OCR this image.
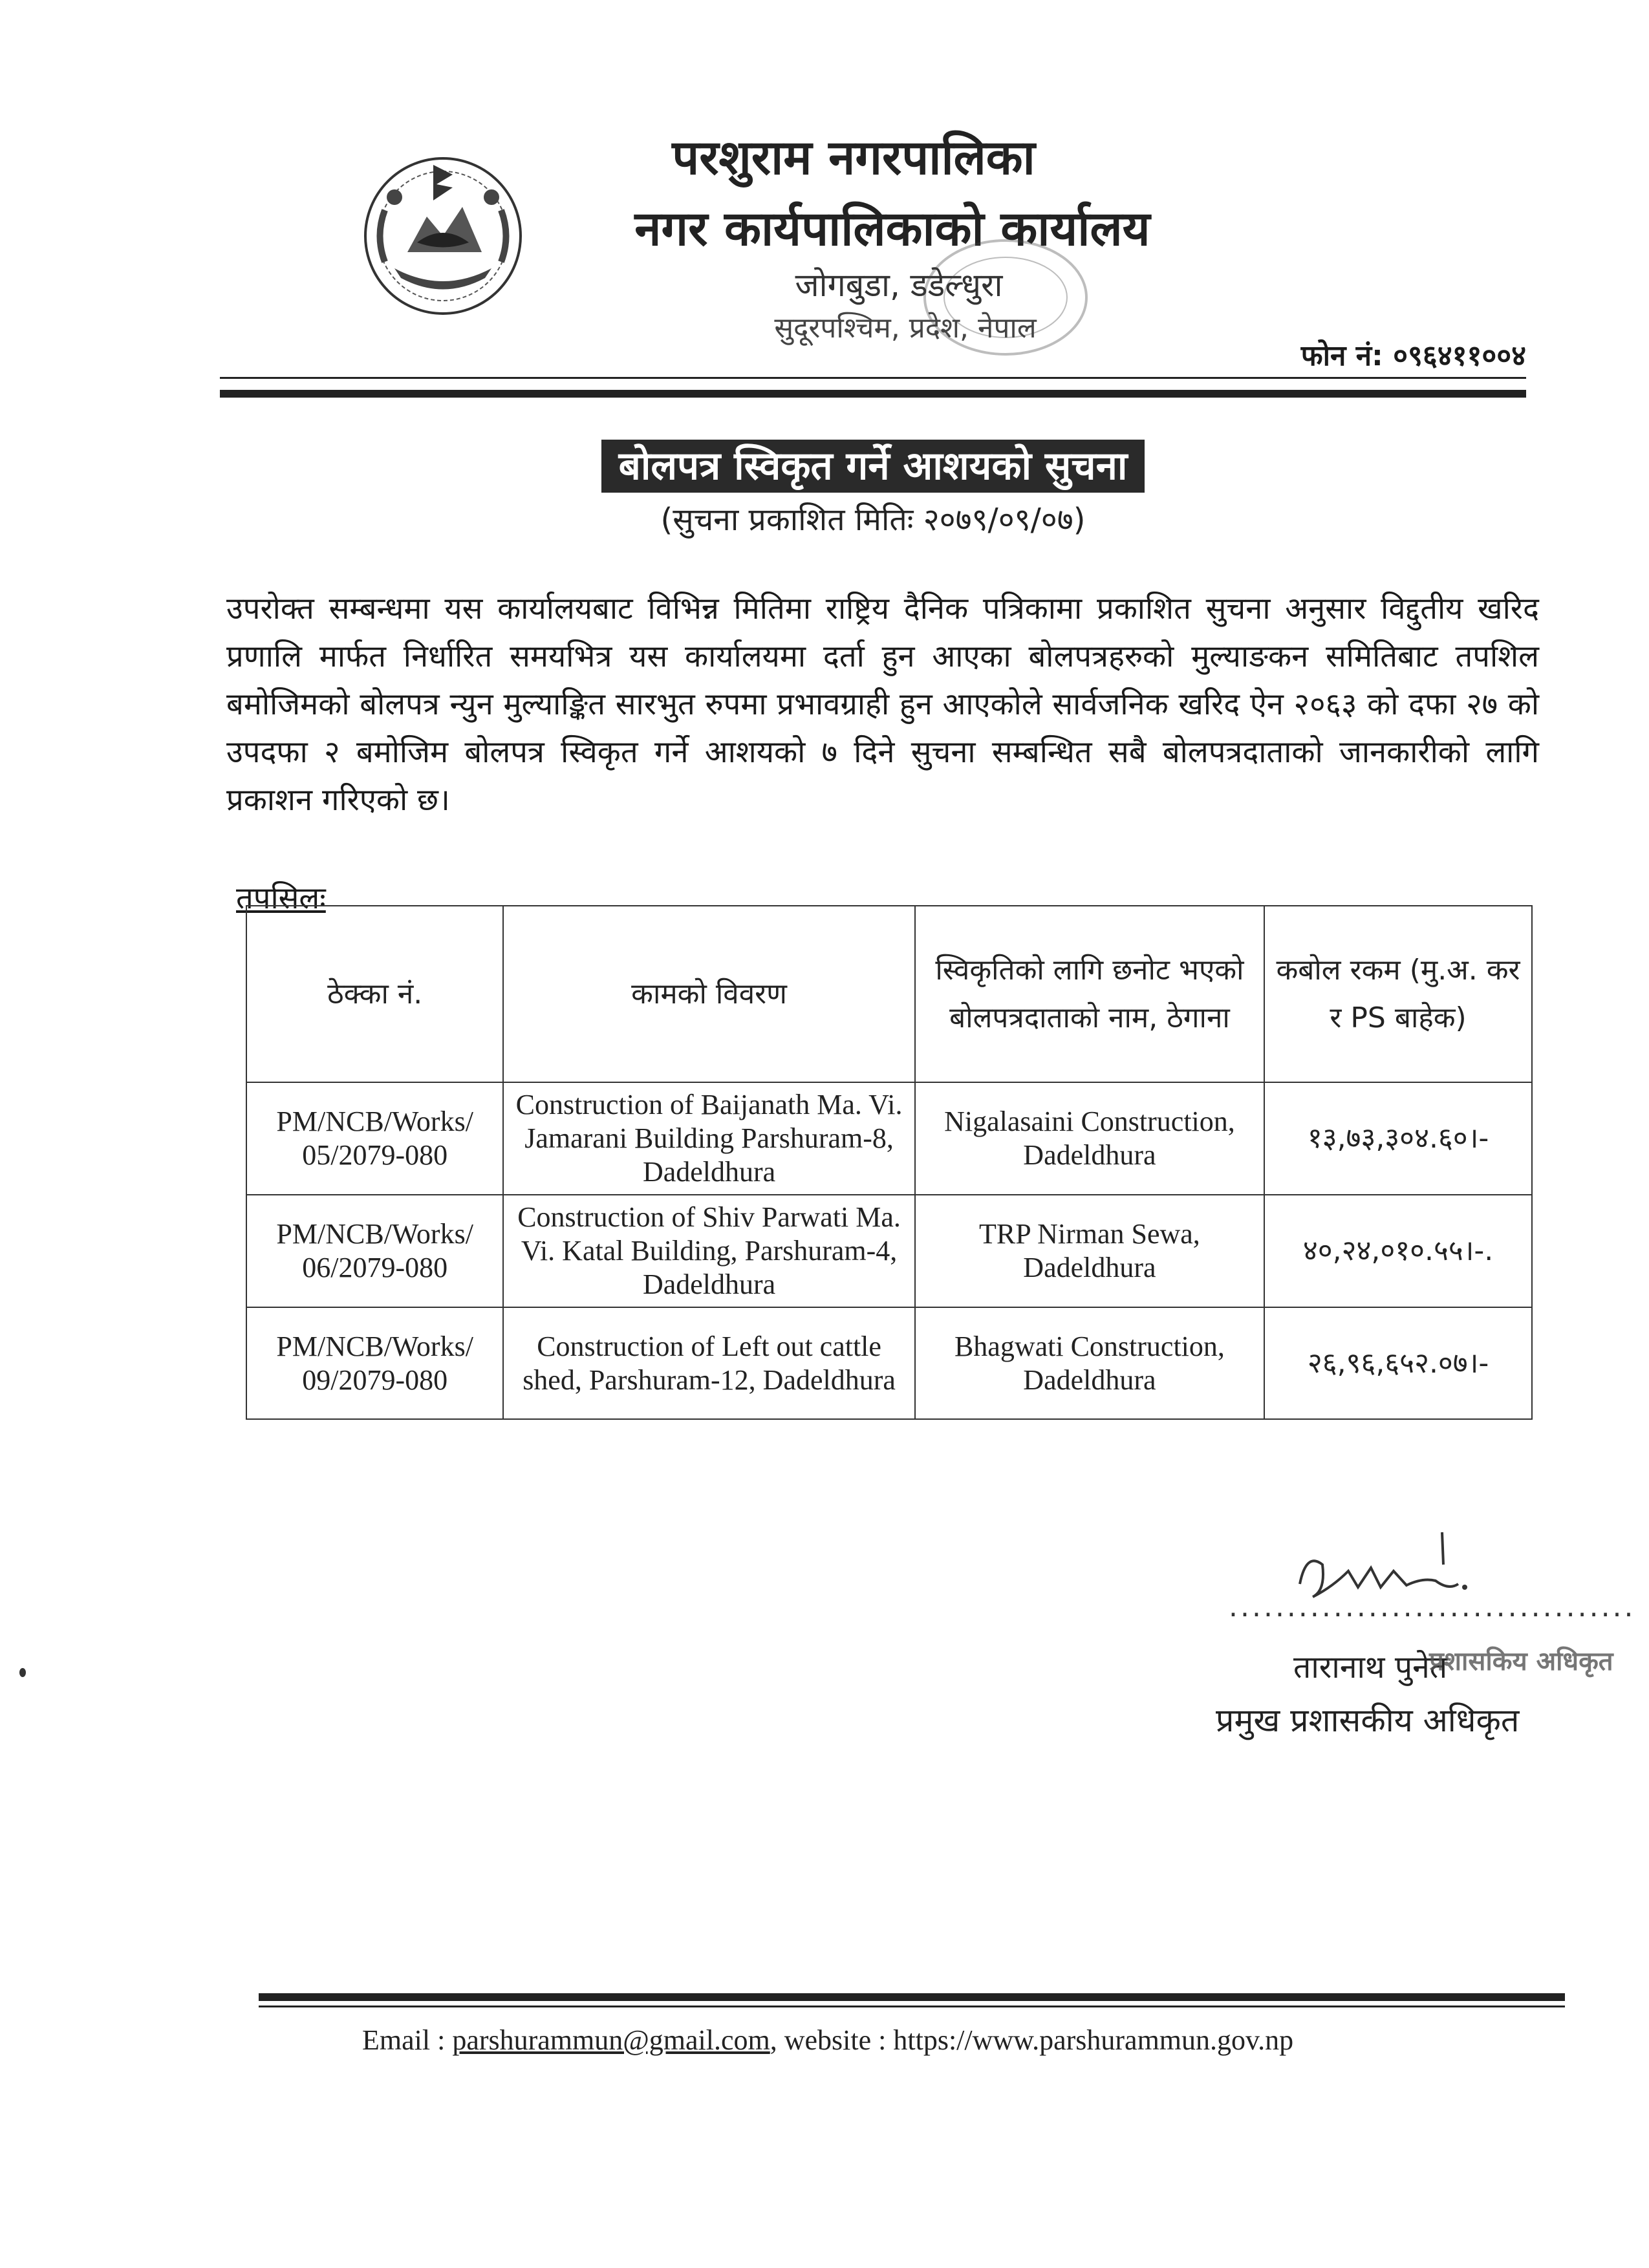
परशुराम नगरपालिका
नगर कार्यपालिकाको कार्यालय
जोगबुडा, डडेल्धुरा
सुदूरपश्चिम, प्रदेश, नेपाल
फोन नं: ०९६४११००४
बोलपत्र स्विकृत गर्ने आशयको सुचना
(सुचना प्रकाशित मितिः २०७९/०९/०७)
उपरोक्त सम्बन्धमा यस कार्यालयबाट विभिन्न मितिमा राष्ट्रिय दैनिक पत्रिकामा प्रकाशित सुचना अनुसार विद्दुतीय खरिद प्रणालि मार्फत निर्धारित समयभित्र यस कार्यालयमा दर्ता हुन आएका बोलपत्रहरुको मुल्याङकन समितिबाट तपशिल बमोजिमको बोलपत्र न्युन मुल्याङ्कित सारभुत रुपमा प्रभावग्राही हुन आएकोले सार्वजनिक खरिद ऐन २०६३ को दफा २७ को उपदफा २ बमोजिम बोलपत्र स्विकृत गर्ने आशयको ७ दिने सुचना सम्बन्धित सबै बोलपत्रदाताको जानकारीको लागि प्रकाशन गरिएको छ।
तपसिलः
ठेक्का नं.	कामको विवरण	स्विकृतिको लागि छनोट भएको बोलपत्रदाताको नाम, ठेगाना	कबोल रकम (मु.अ. कर र PS बाहेक)
PM/NCB/Works/ 05/2079-080	Construction of Baijanath Ma. Vi. Jamarani Building Parshuram-8, Dadeldhura	Nigalasaini Construction, Dadeldhura	१३,७३,३०४.६०।-
PM/NCB/Works/ 06/2079-080	Construction of Shiv Parwati Ma. Vi. Katal Building, Parshuram-4, Dadeldhura	TRP Nirman Sewa, Dadeldhura	४०,२४,०१०.५५।-.
PM/NCB/Works/ 09/2079-080	Construction of Left out cattle shed, Parshuram-12, Dadeldhura	Bhagwati Construction, Dadeldhura	२६,९६,६५२.०७।-
...................................
तारानाथ पुनेत
प्रशासकिय अधिकृत
प्रमुख प्रशासकीय अधिकृत
Email : parshurammun@gmail.com, website : https://www.parshurammun.gov.np
